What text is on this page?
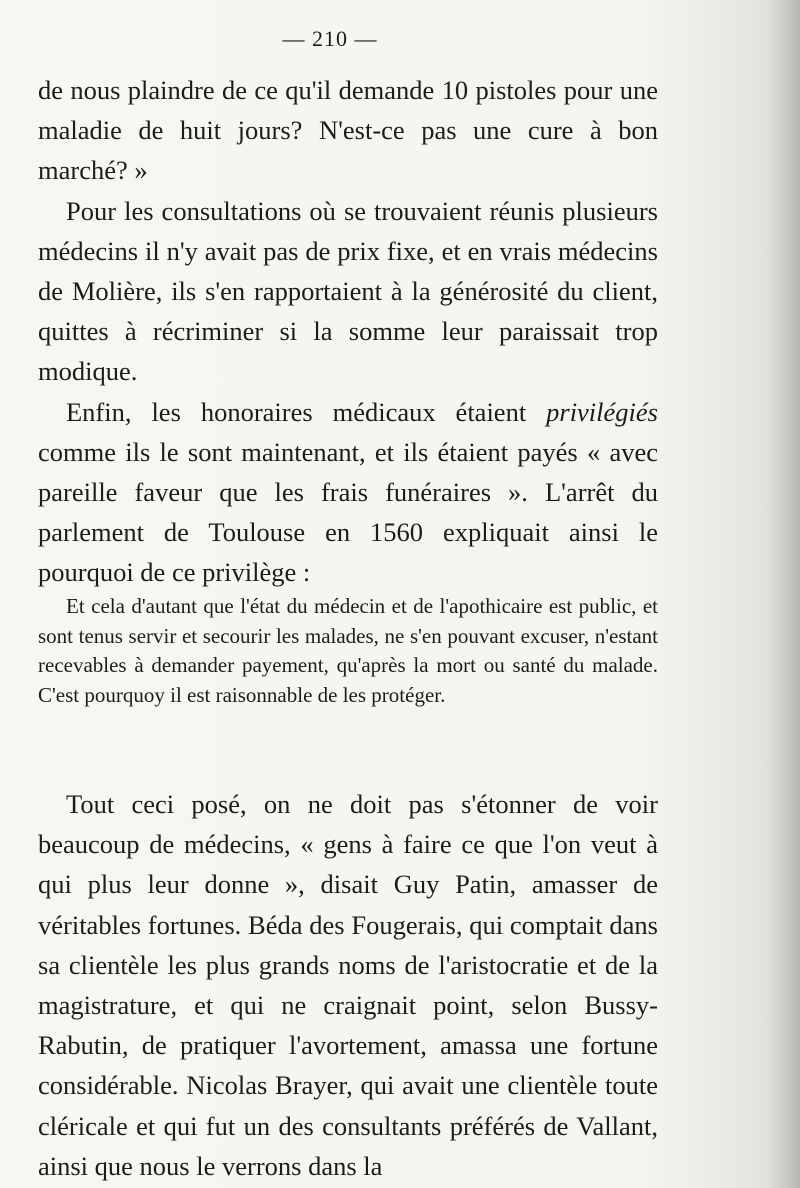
— 210 —

de nous plaindre de ce qu'il demande 10 pistoles pour une maladie de huit jours? N'est-ce pas une cure à bon marché? »

Pour les consultations où se trouvaient réunis plusieurs médecins il n'y avait pas de prix fixe, et en vrais médecins de Molière, ils s'en rapportaient à la générosité du client, quittes à récriminer si la somme leur paraissait trop modique.

Enfin, les honoraires médicaux étaient privilégiés comme ils le sont maintenant, et ils étaient payés « avec pareille faveur que les frais funéraires ». L'arrêt du parlement de Toulouse en 1560 expliquait ainsi le pourquoi de ce privilège :

Et cela d'autant que l'état du médecin et de l'apothicaire est public, et sont tenus servir et secourir les malades, ne s'en pouvant excuser, n'estant recevables à demander payement, qu'après la mort ou santé du malade. C'est pourquoy il est raisonnable de les protéger.

Tout ceci posé, on ne doit pas s'étonner de voir beaucoup de médecins, « gens à faire ce que l'on veut à qui plus leur donne », disait Guy Patin, amasser de véritables fortunes. Béda des Fougerais, qui comptait dans sa clientèle les plus grands noms de l'aristocratie et de la magistrature, et qui ne craignait point, selon Bussy-Rabutin, de pratiquer l'avortement, amassa une fortune considérable. Nicolas Brayer, qui avait une clientèle toute cléricale et qui fut un des consultants préférés de Vallant, ainsi que nous le verrons dans la
